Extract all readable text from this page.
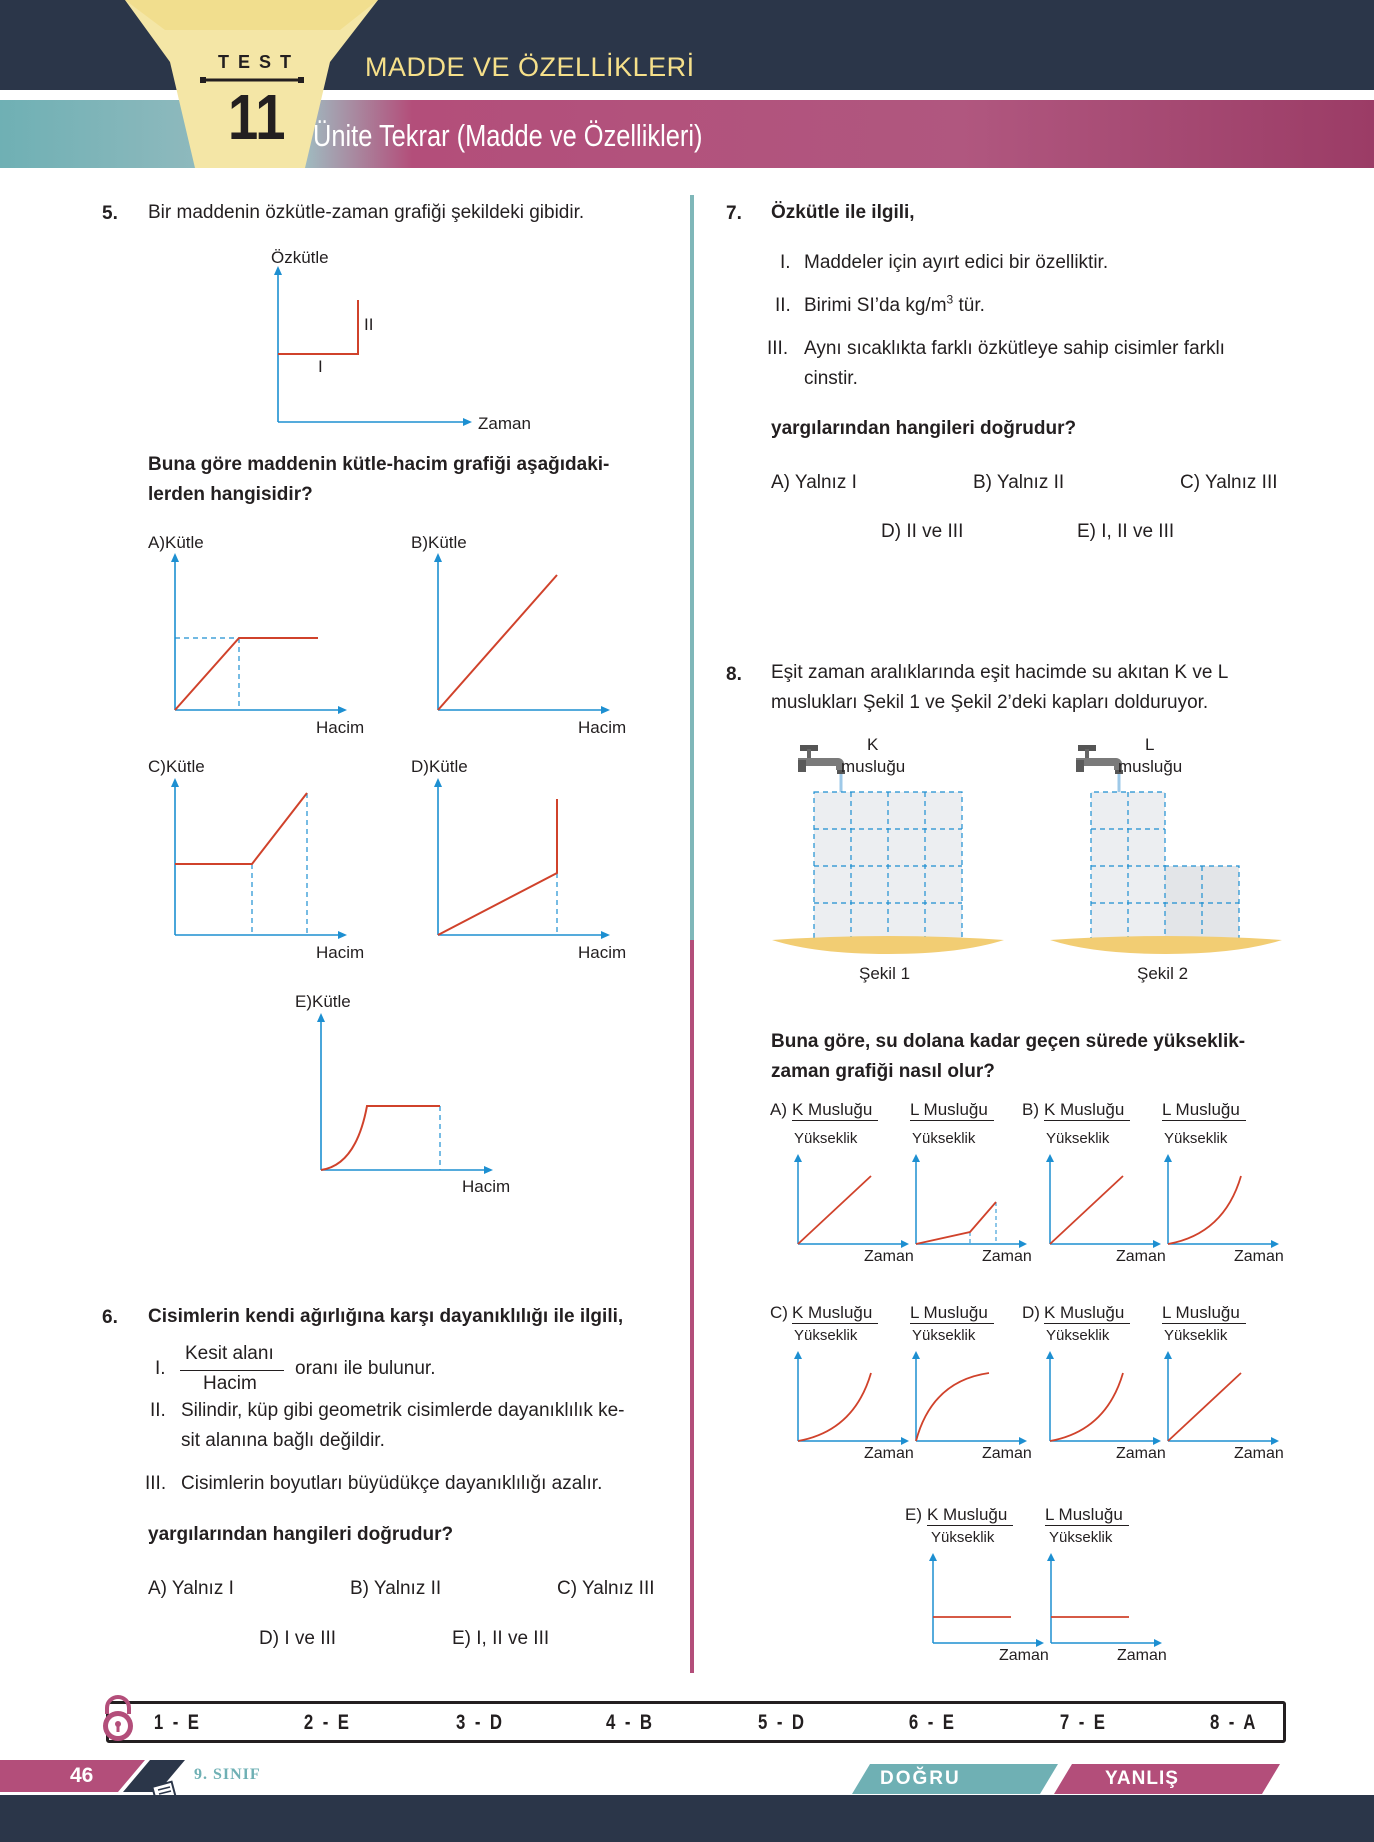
TEST
11
MADDE VE ÖZELLİKLERİ
Ünite Tekrar (Madde ve Özellikleri)
5. Bir maddenin özkütle-zaman grafiği şekildeki gibidir.
Özkütle
Zaman
I
II
Buna göre maddenin kütle-hacim grafiği aşağıdaki-
lerden hangisidir?
A)Kütle
Hacim
B)Kütle
Hacim
C)Kütle
Hacim
D)Kütle
Hacim
E)Kütle
Hacim
6. Cisimlerin kendi ağırlığına karşı dayanıklılığı ile ilgili,
I.
Kesit alanı
Hacim
oranı ile bulunur.
II. Silindir, küp gibi geometrik cisimlerde dayanıklılık ke-
sit alanına bağlı değildir.
III. Cisimlerin boyutları büyüdükçe dayanıklılığı azalır.
yargılarından hangileri doğrudur?
A) Yalnız I	B) Yalnız II	C) Yalnız III
D) I ve III	E) I, II ve III
7. Özkütle ile ilgili,
I. Maddeler için ayırt edici bir özelliktir.
II. Birimi SI’da $kg/m^3$ tür.
III. Aynı sıcaklıkta farklı özkütleye sahip cisimler farklı
cinstir.
yargılarından hangileri doğrudur?
A) Yalnız I	B) Yalnız II	C) Yalnız III
D) II ve III	E) I, II ve III
8. Eşit zaman aralıklarında eşit hacimde su akıtan K ve L
muslukları Şekil 1 ve Şekil 2’deki kapları dolduruyor.
K
musluğu
Şekil 1
L
musluğu
Şekil 2
Buna göre, su dolana kadar geçen sürede yükseklik-
zaman grafiği nasıl olur?
A) K Musluğu
Yükseklik
Zaman
L Musluğu
Yükseklik
Zaman
B) K Musluğu
Yükseklik
Zaman
L Musluğu
Yükseklik
Zaman
C) K Musluğu
Yükseklik
Zaman
L Musluğu
Yükseklik
Zaman
D) K Musluğu
Yükseklik
Zaman
L Musluğu
Yükseklik
Zaman
E) K Musluğu
Yükseklik
Zaman
L Musluğu
Yükseklik
Zaman
1 - E	2 - E	3 - D	4 - B	5 - D	6 - E	7 - E	8 - A
46	9. SINIF	DOĞRU	YANLIŞ
